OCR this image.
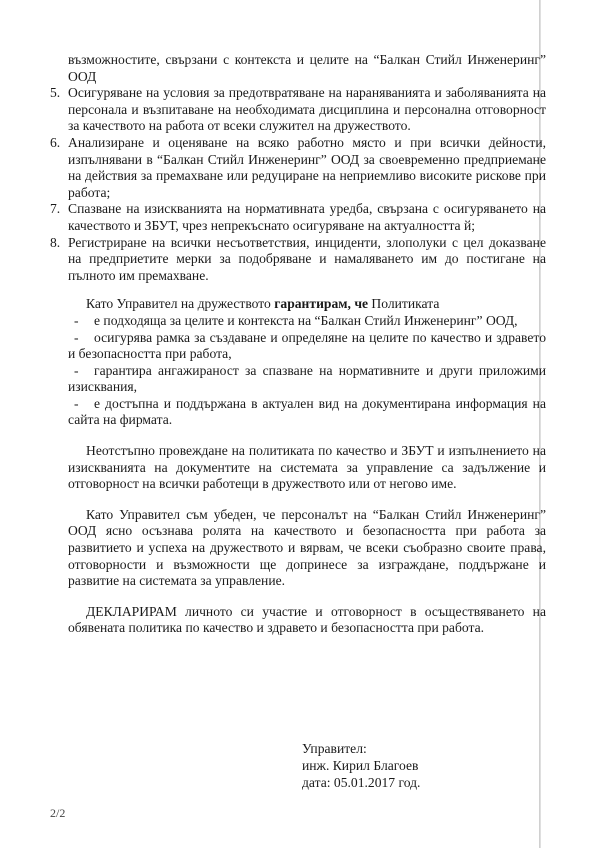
възможностите, свързани с контекста и целите на “Балкан Стийл Инженеринг” ООД

5. Осигуряване на условия за предотвратяване на нараняванията и заболяванията на персонала и възпитаване на необходимата дисциплина и персонална отговорност за качеството на работа от всеки служител на дружеството.
6. Анализиране и оценяване на всяко работно място и при всички дейности, изпълнявани в “Балкан Стийл Инженеринг” ООД за своевременно предприемане на действия за премахване или редуциране на неприемливо високите рискове при работа;
7. Спазване на изискванията на нормативната уредба, свързана с осигуряването на качеството и ЗБУТ, чрез непрекъснато осигуряване на актуалността й;
8. Регистриране на всички несъответствия, инциденти, злополуки с цел доказване на предприетите мерки за подобряване и намаляването им до постигане на пълното им премахване.

Като Управител на дружеството гарантирам, че Политиката

- е подходяща за целите и контекста на “Балкан Стийл Инженеринг” ООД,
- осигурява рамка за създаване и определяне на целите по качество и здравето и безопасността при работа,
- гарантира ангажираност за спазване на нормативните и други приложими изисквания,
- е достъпна и поддържана в актуален вид на документирана информация на сайта на фирмата.

Неотстъпно провеждане на политиката по качество и ЗБУТ и изпълнението на изискванията на документите на системата за управление са задължение и отговорност на всички работещи в дружеството или от негово име.

Като Управител съм убеден, че персоналът на “Балкан Стийл Инженеринг” ООД ясно осъзнава ролята на качеството и безопасността при работа за развитието и успеха на дружеството и вярвам, че всеки съобразно своите права, отговорности и възможности ще допринесе за изграждане, поддържане и развитие на системата за управление.

ДЕКЛАРИРАМ личното си участие и отговорност в осъществяването на обявената политика по качество и здравето и безопасността при работа.

Управител:
инж. Кирил Благоев
дата: 05.01.2017 год.
2/2
